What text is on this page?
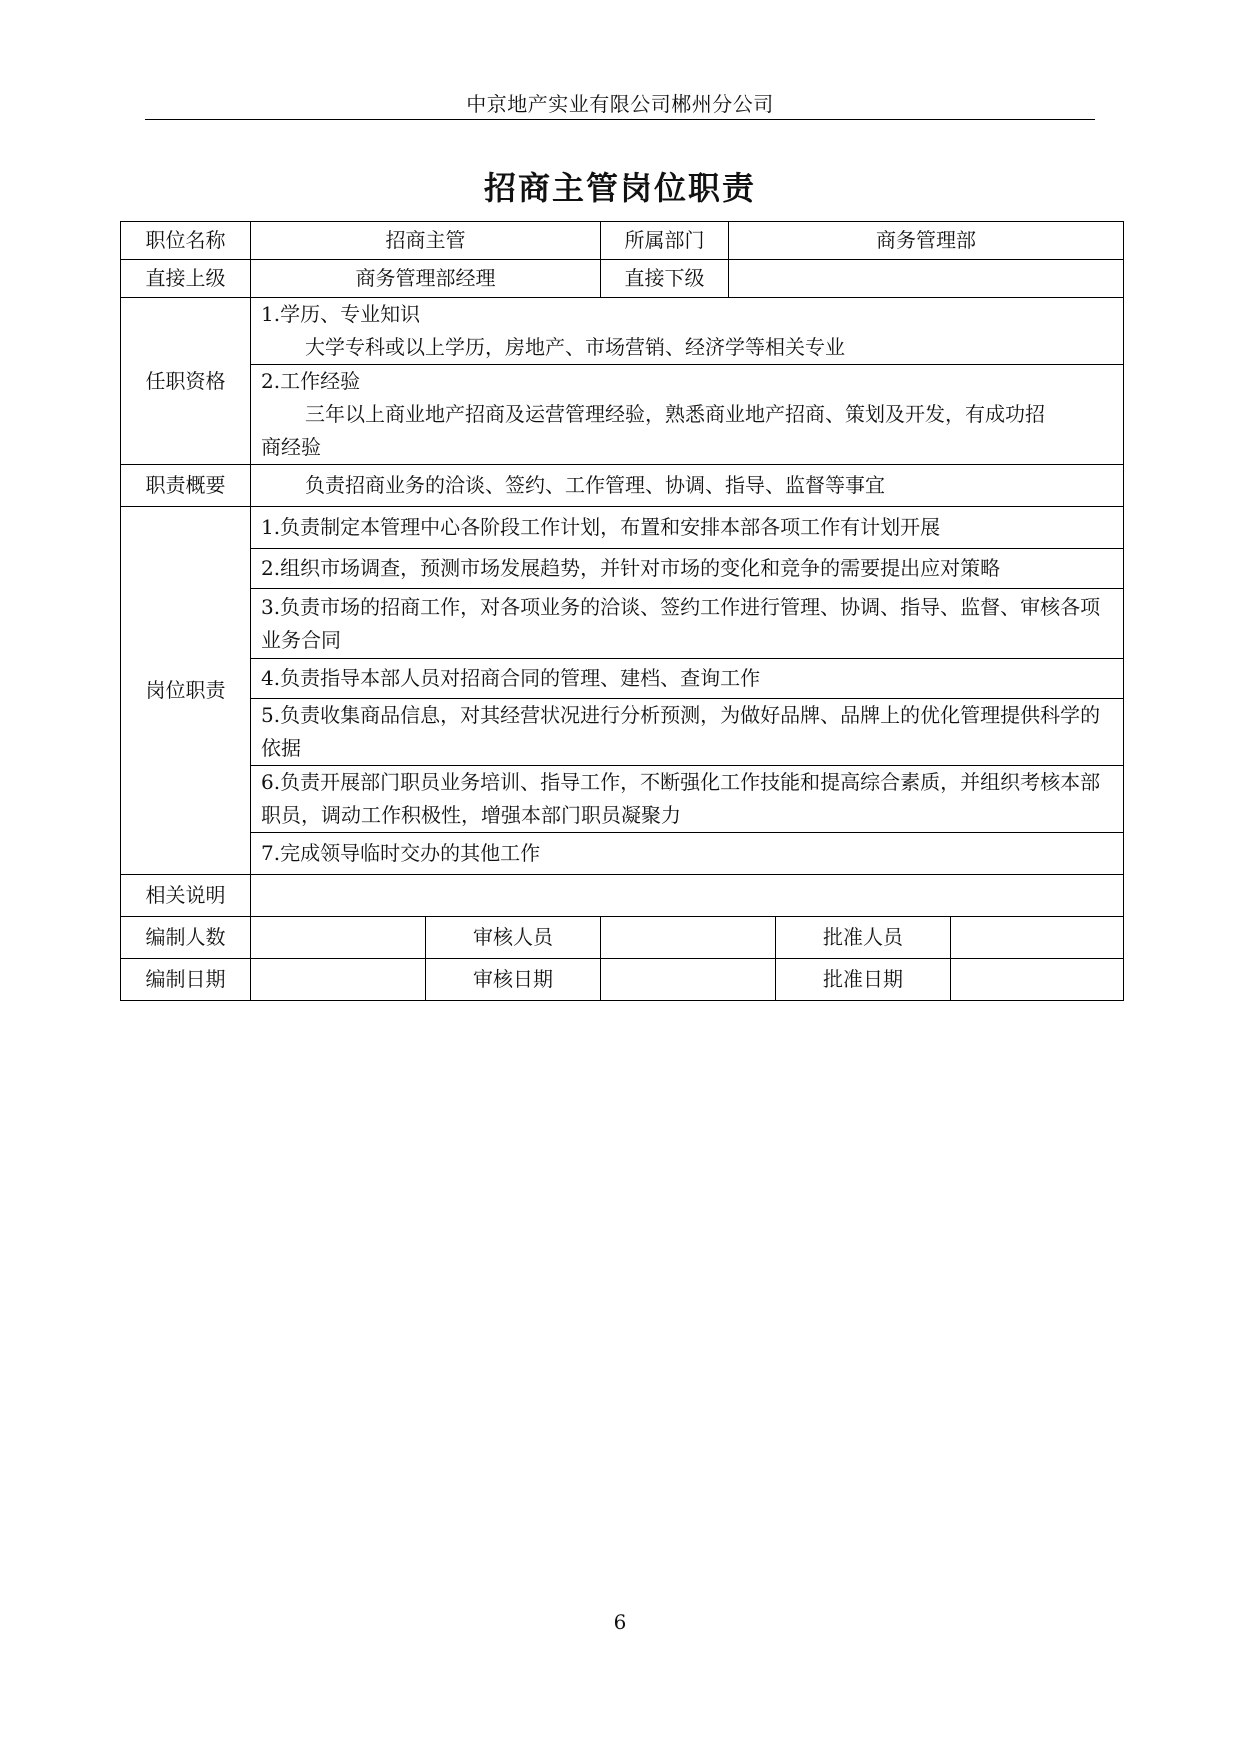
中京地产实业有限公司郴州分公司
招商主管岗位职责
职位名称	招商主管		所属部门	商务管理部		
直接上级	商务管理部经理		直接下级			
任职资格	1.学历、专业知识
大学专科或以上学历，房地产、市场营销、经济学等相关专业					

	2.工作经验
三年以上商业地产招商及运营管理经验，熟悉商业地产招商、策划及开发，有成功招
商经验					

职责概要	负责招商业务的洽谈、签约、工作管理、协调、指导、监督等事宜					

岗位职责	1.负责制定本管理中心各阶段工作计划，布置和安排本部各项工作有计划开展					
	2.组织市场调查，预测市场发展趋势，并针对市场的变化和竞争的需要提出应对策略					
	3.负责市场的招商工作，对各项业务的洽谈、签约工作进行管理、协调、指导、监督、审核各项业务合同					
	4.负责指导本部人员对招商合同的管理、建档、查询工作					
	5.负责收集商品信息，对其经营状况进行分析预测，为做好品牌、品牌上的优化管理提供科学的依据					
	6.负责开展部门职员业务培训、指导工作，不断强化工作技能和提高综合素质，并组织考核本部职员，调动工作积极性，增强本部门职员凝聚力					
	7.完成领导临时交办的其他工作					
相关说明						
编制人数		审核人员			批准人员	
编制日期		审核日期			批准日期	
6
